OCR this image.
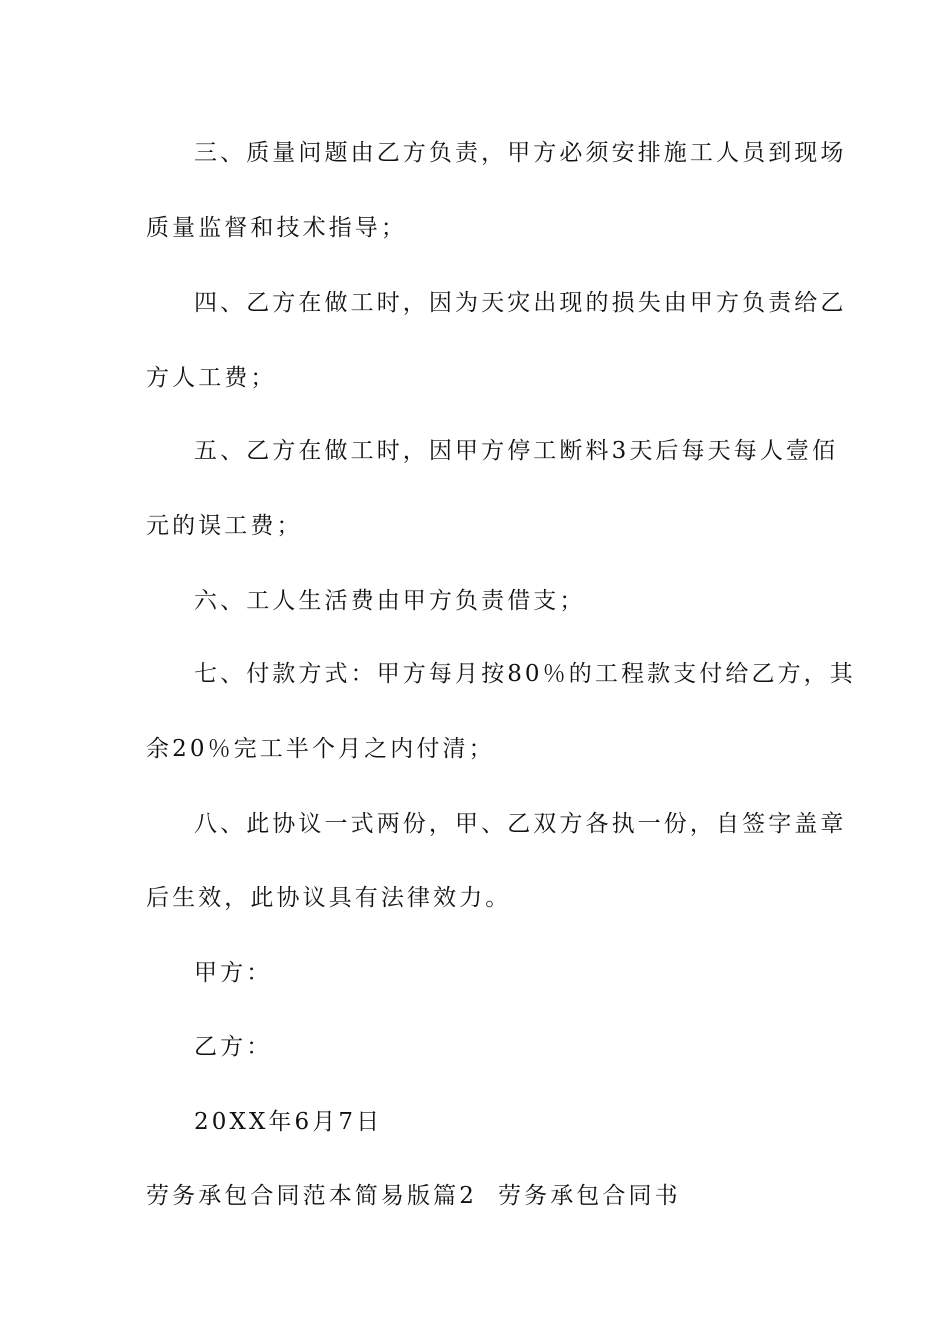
三、质量问题由乙方负责，甲方必须安排施工人员到现场
质量监督和技术指导；
四、乙方在做工时，因为天灾出现的损失由甲方负责给乙
方人工费；
五、乙方在做工时，因甲方停工断料3天后每天每人壹佰
元的误工费；
六、工人生活费由甲方负责借支；
七、付款方式：甲方每月按80％的工程款支付给乙方，其
余20％完工半个月之内付清；
八、此协议一式两份，甲、乙双方各执一份，自签字盖章
后生效，此协议具有法律效力。
甲方：
乙方：
20XX年6月7日
劳务承包合同范本简易版篇2 劳务承包合同书
